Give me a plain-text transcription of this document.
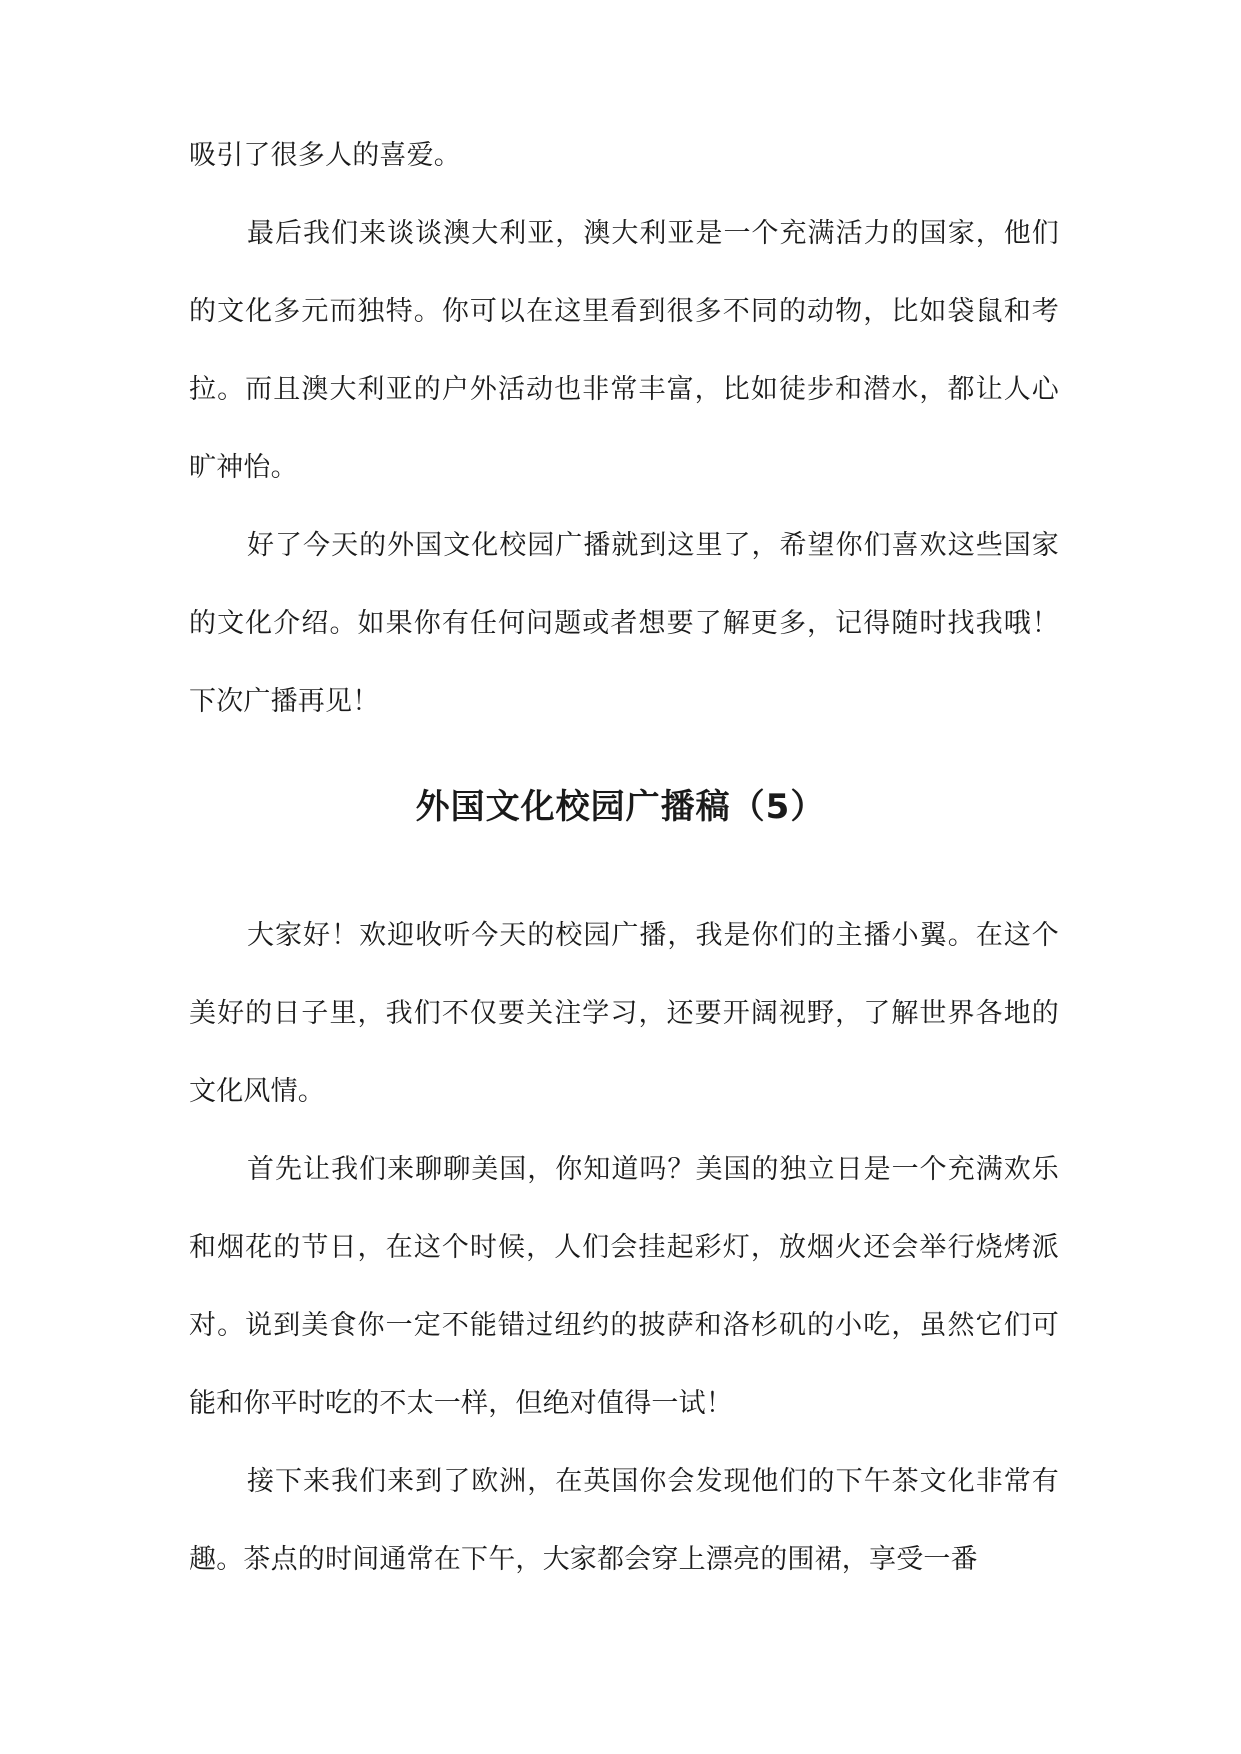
吸引了很多人的喜爱。

最后我们来谈谈澳大利亚，澳大利亚是一个充满活力的国家，他们的文化多元而独特。你可以在这里看到很多不同的动物，比如袋鼠和考拉。而且澳大利亚的户外活动也非常丰富，比如徒步和潜水，都让人心旷神怡。

好了今天的外国文化校园广播就到这里了，希望你们喜欢这些国家的文化介绍。如果你有任何问题或者想要了解更多，记得随时找我哦！下次广播再见！

外国文化校园广播稿（5）

大家好！欢迎收听今天的校园广播，我是你们的主播小翼。在这个美好的日子里，我们不仅要关注学习，还要开阔视野，了解世界各地的文化风情。

首先让我们来聊聊美国，你知道吗？美国的独立日是一个充满欢乐和烟花的节日，在这个时候，人们会挂起彩灯，放烟火还会举行烧烤派对。说到美食你一定不能错过纽约的披萨和洛杉矶的小吃，虽然它们可能和你平时吃的不太一样，但绝对值得一试！

接下来我们来到了欧洲，在英国你会发现他们的下午茶文化非常有趣。茶点的时间通常在下午，大家都会穿上漂亮的围裙，享受一番
